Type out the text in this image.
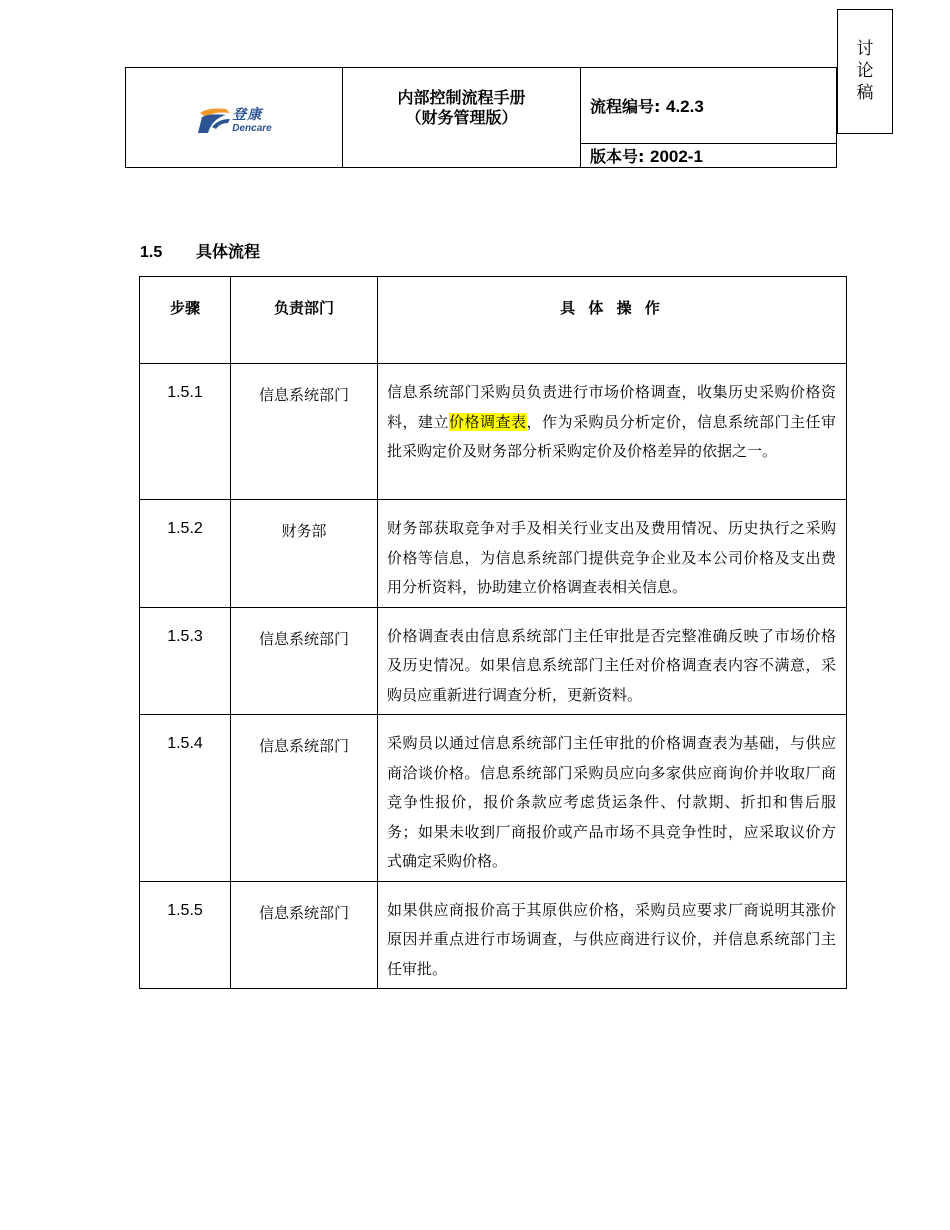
讨
论
稿
登康
Dencare

内部控制流程手册
（财务管理版）
	流程编号: 4.2.3
版本号: 2002-1
1.5	具体流程
步骤	负责部门	具 体 操 作
1.5.1	信息系统部门	信息系统部门采购员负责进行市场价格调查，收集历史采购价格资料，建立价格调查表，作为采购员分析定价，信息系统部门主任审批采购定价及财务部分析采购定价及价格差异的依据之一。
1.5.2	财务部	财务部获取竞争对手及相关行业支出及费用情况、历史执行之采购价格等信息，为信息系统部门提供竞争企业及本公司价格及支出费用分析资料，协助建立价格调查表相关信息。
1.5.3	信息系统部门	价格调查表由信息系统部门主任审批是否完整准确反映了市场价格及历史情况。如果信息系统部门主任对价格调查表内容不满意，采购员应重新进行调查分析，更新资料。
1.5.4	信息系统部门	采购员以通过信息系统部门主任审批的价格调查表为基础，与供应商洽谈价格。信息系统部门采购员应向多家供应商询价并收取厂商竞争性报价，报价条款应考虑货运条件、付款期、折扣和售后服务；如果未收到厂商报价或产品市场不具竞争性时，应采取议价方式确定采购价格。
1.5.5	信息系统部门	如果供应商报价高于其原供应价格，采购员应要求厂商说明其涨价原因并重点进行市场调查，与供应商进行议价，并信息系统部门主任审批。
